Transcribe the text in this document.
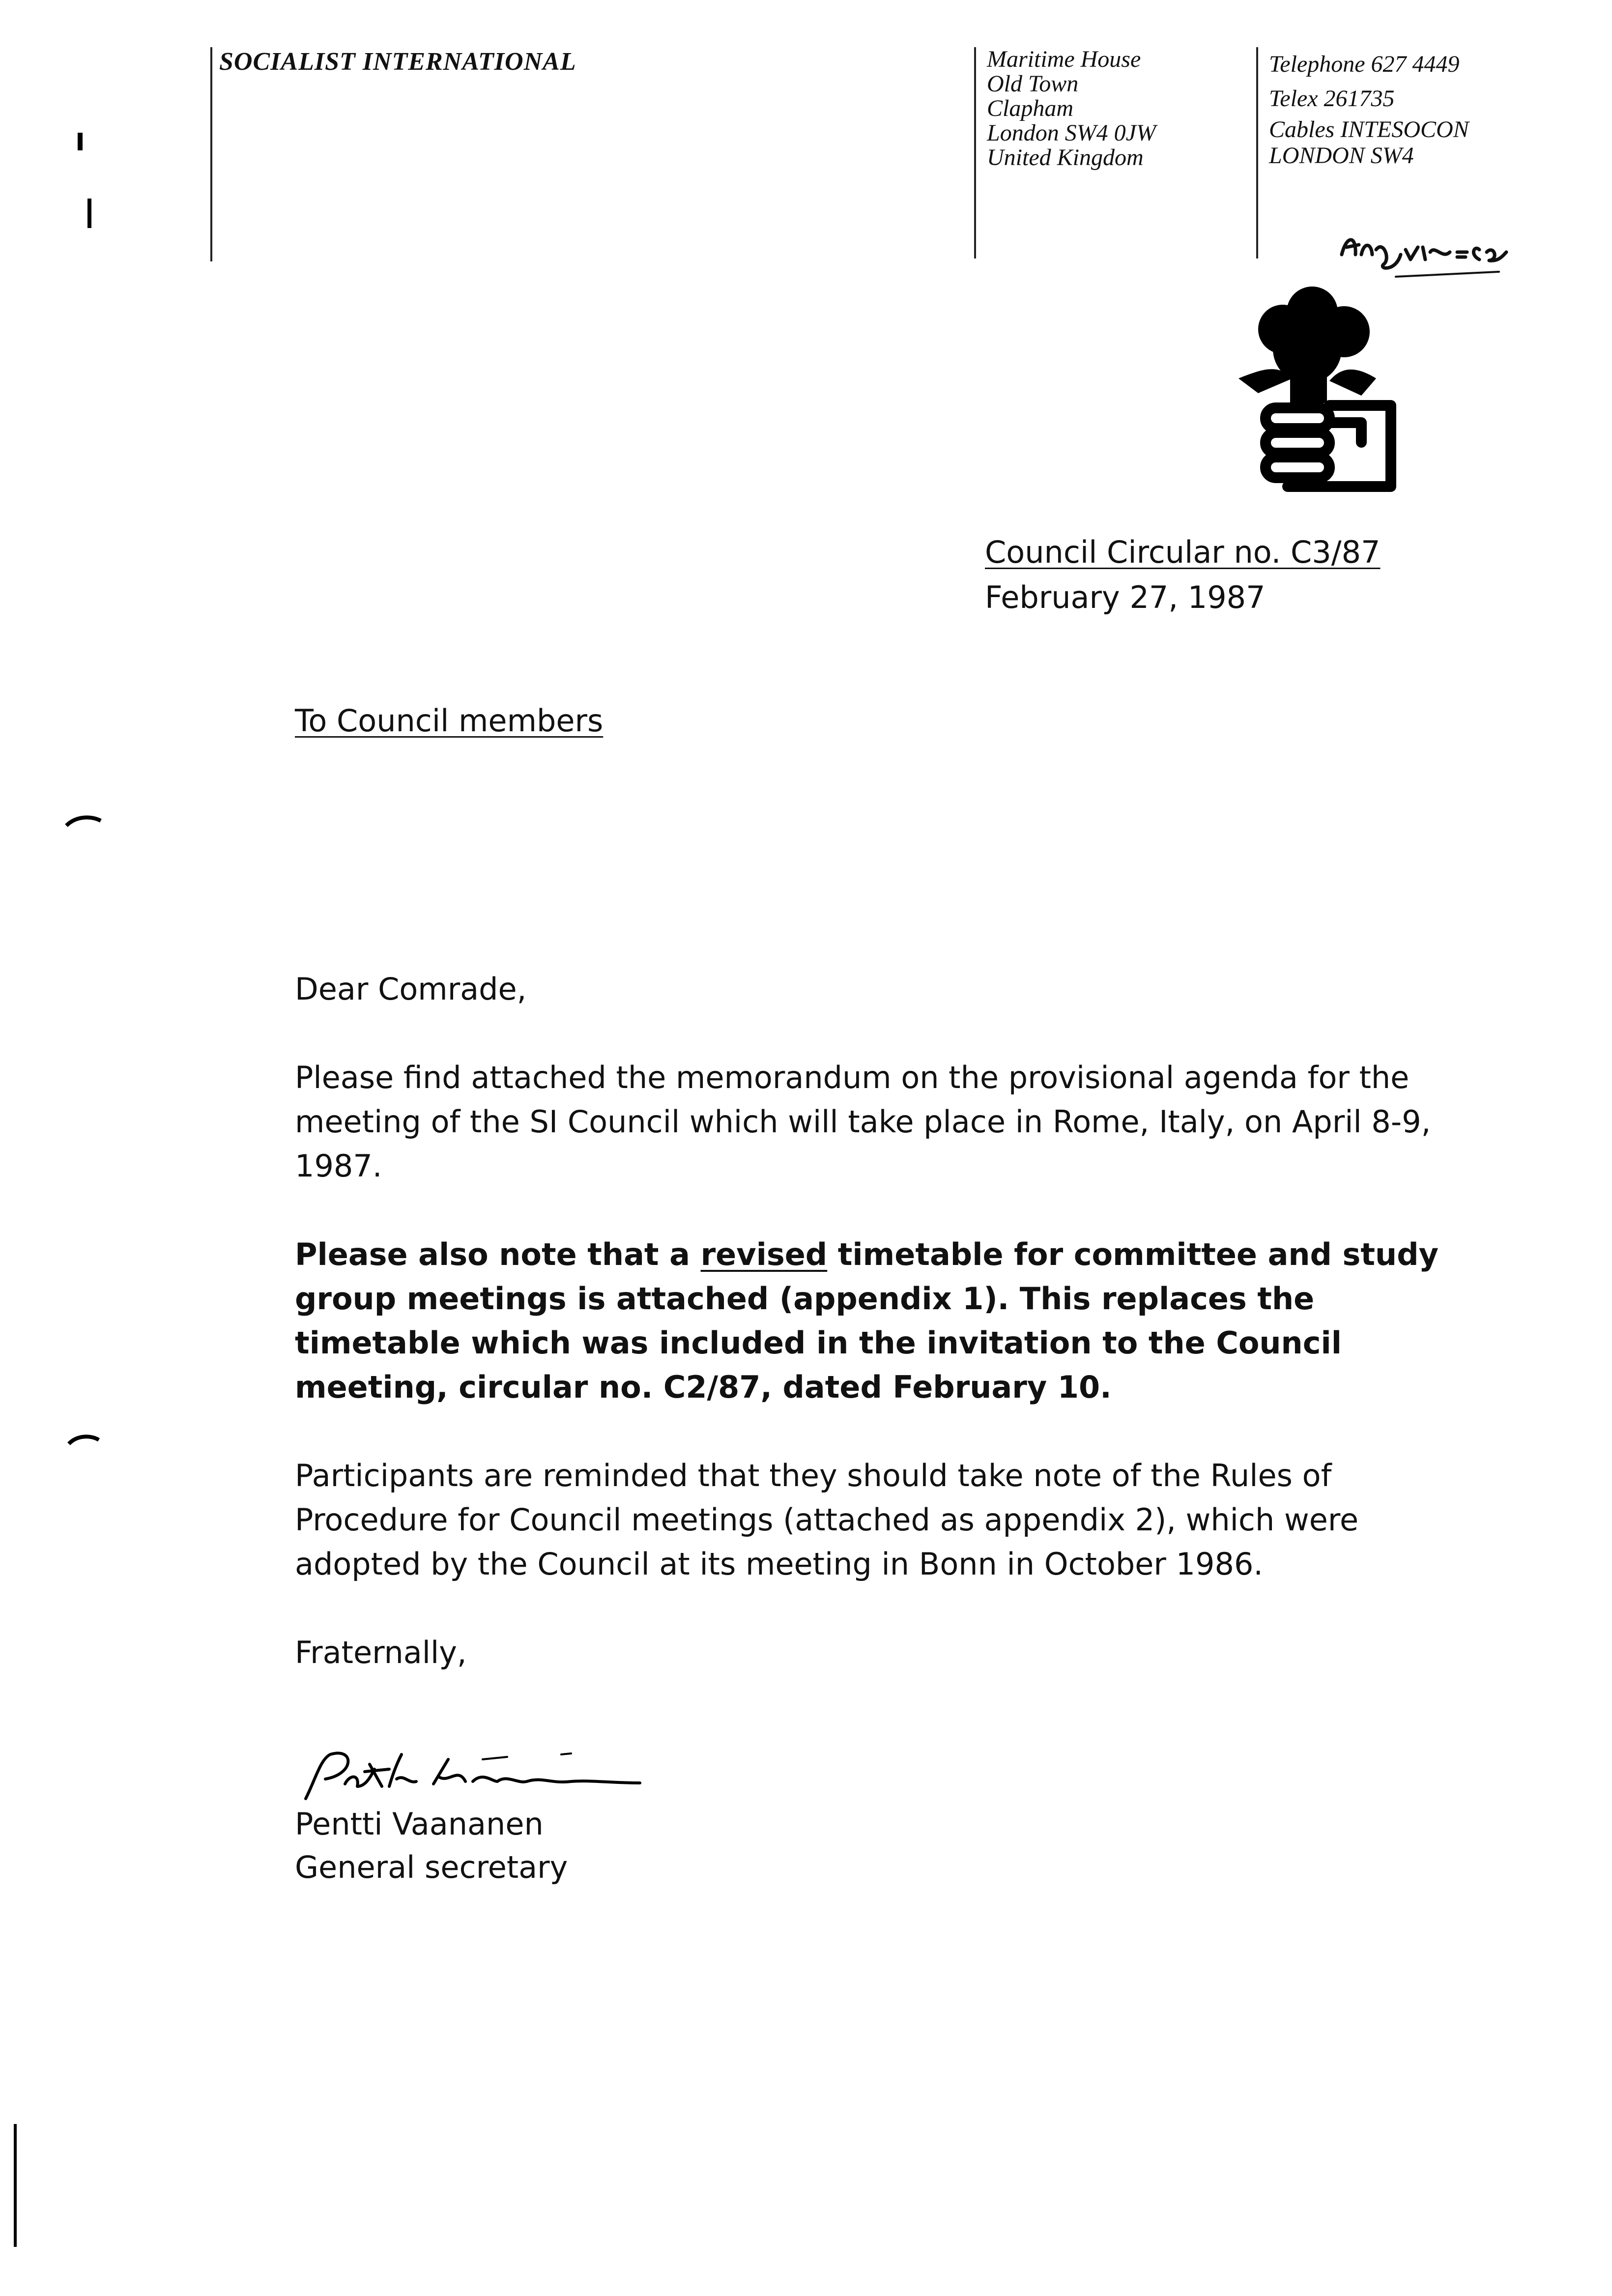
SOCIALIST INTERNATIONAL	Maritime House
Old Town
Clapham
London SW4 0JW
United Kingdom
Telephone 627 4449
Telex 261735
Cables INTESOCON
LONDON SW4
Council Circular no. C3/87
February 27, 1987
To Council members

Dear Comrade,

Please find attached the memorandum on the provisional agenda for the meeting of the SI Council which will take place in Rome, Italy, on April 8-9, 1987.

Please also note that a revised timetable for committee and study group meetings is attached (appendix 1). This replaces the timetable which was included in the invitation to the Council meeting, circular no. C2/87, dated February 10.

Participants are reminded that they should take note of the Rules of Procedure for Council meetings (attached as appendix 2), which were adopted by the Council at its meeting in Bonn in October 1986.

Fraternally,

Pentti Vaananen
General secretary
